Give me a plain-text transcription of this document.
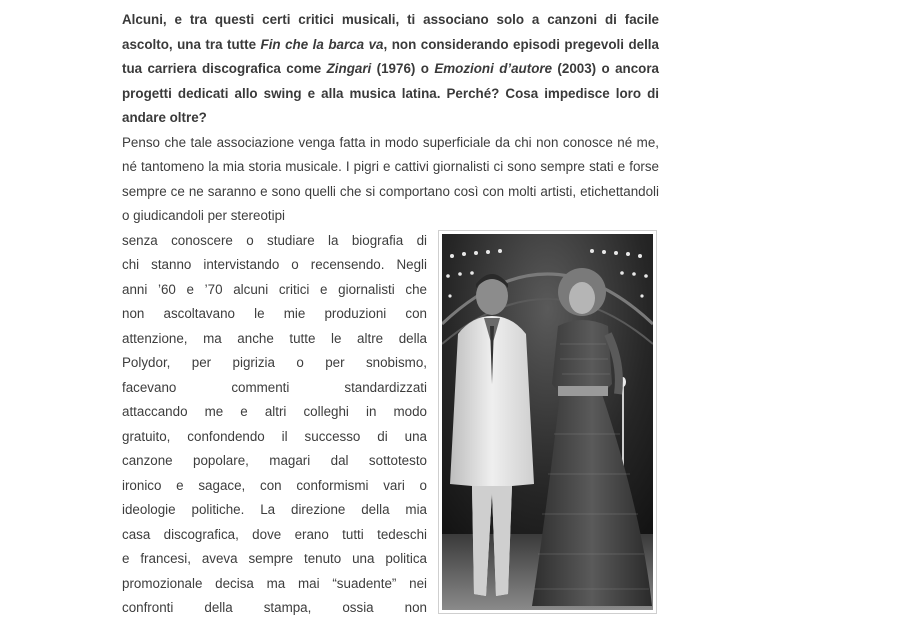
Alcuni, e tra questi certi critici musicali, ti associano solo a canzoni di facile ascolto, una tra tutte Fin che la barca va, non considerando episodi pregevoli della tua carriera discografica come Zingari (1976) o Emozioni d’autore (2003) o ancora progetti dedicati allo swing e alla musica latina. Perché? Cosa impedisce loro di andare oltre?

Penso che tale associazione venga fatta in modo superficiale da chi non conosce né me, né tantomeno la mia storia musicale. I pigri e cattivi giornalisti ci sono sempre stati e forse sempre ce ne saranno e sono quelli che si comportano così con molti artisti, etichettandoli o giudicandoli per stereotipi

senza conoscere o studiare la biografia di
chi stanno intervistando o recensendo. Negli
anni ’60 e ’70 alcuni critici e giornalisti che
non ascoltavano le mie produzioni con
attenzione, ma anche tutte le altre della
Polydor, per pigrizia o per snobismo,
facevano commenti standardizzati
attaccando me e altri colleghi in modo
gratuito, confondendo il successo di una
canzone popolare, magari dal sottotesto
ironico e sagace, con conformismi vari o
ideologie politiche. La direzione della mia
casa discografica, dove erano tutti tedeschi
e francesi, aveva sempre tenuto una politica
promozionale decisa ma mai “suadente” nei
confronti della stampa, ossia non
